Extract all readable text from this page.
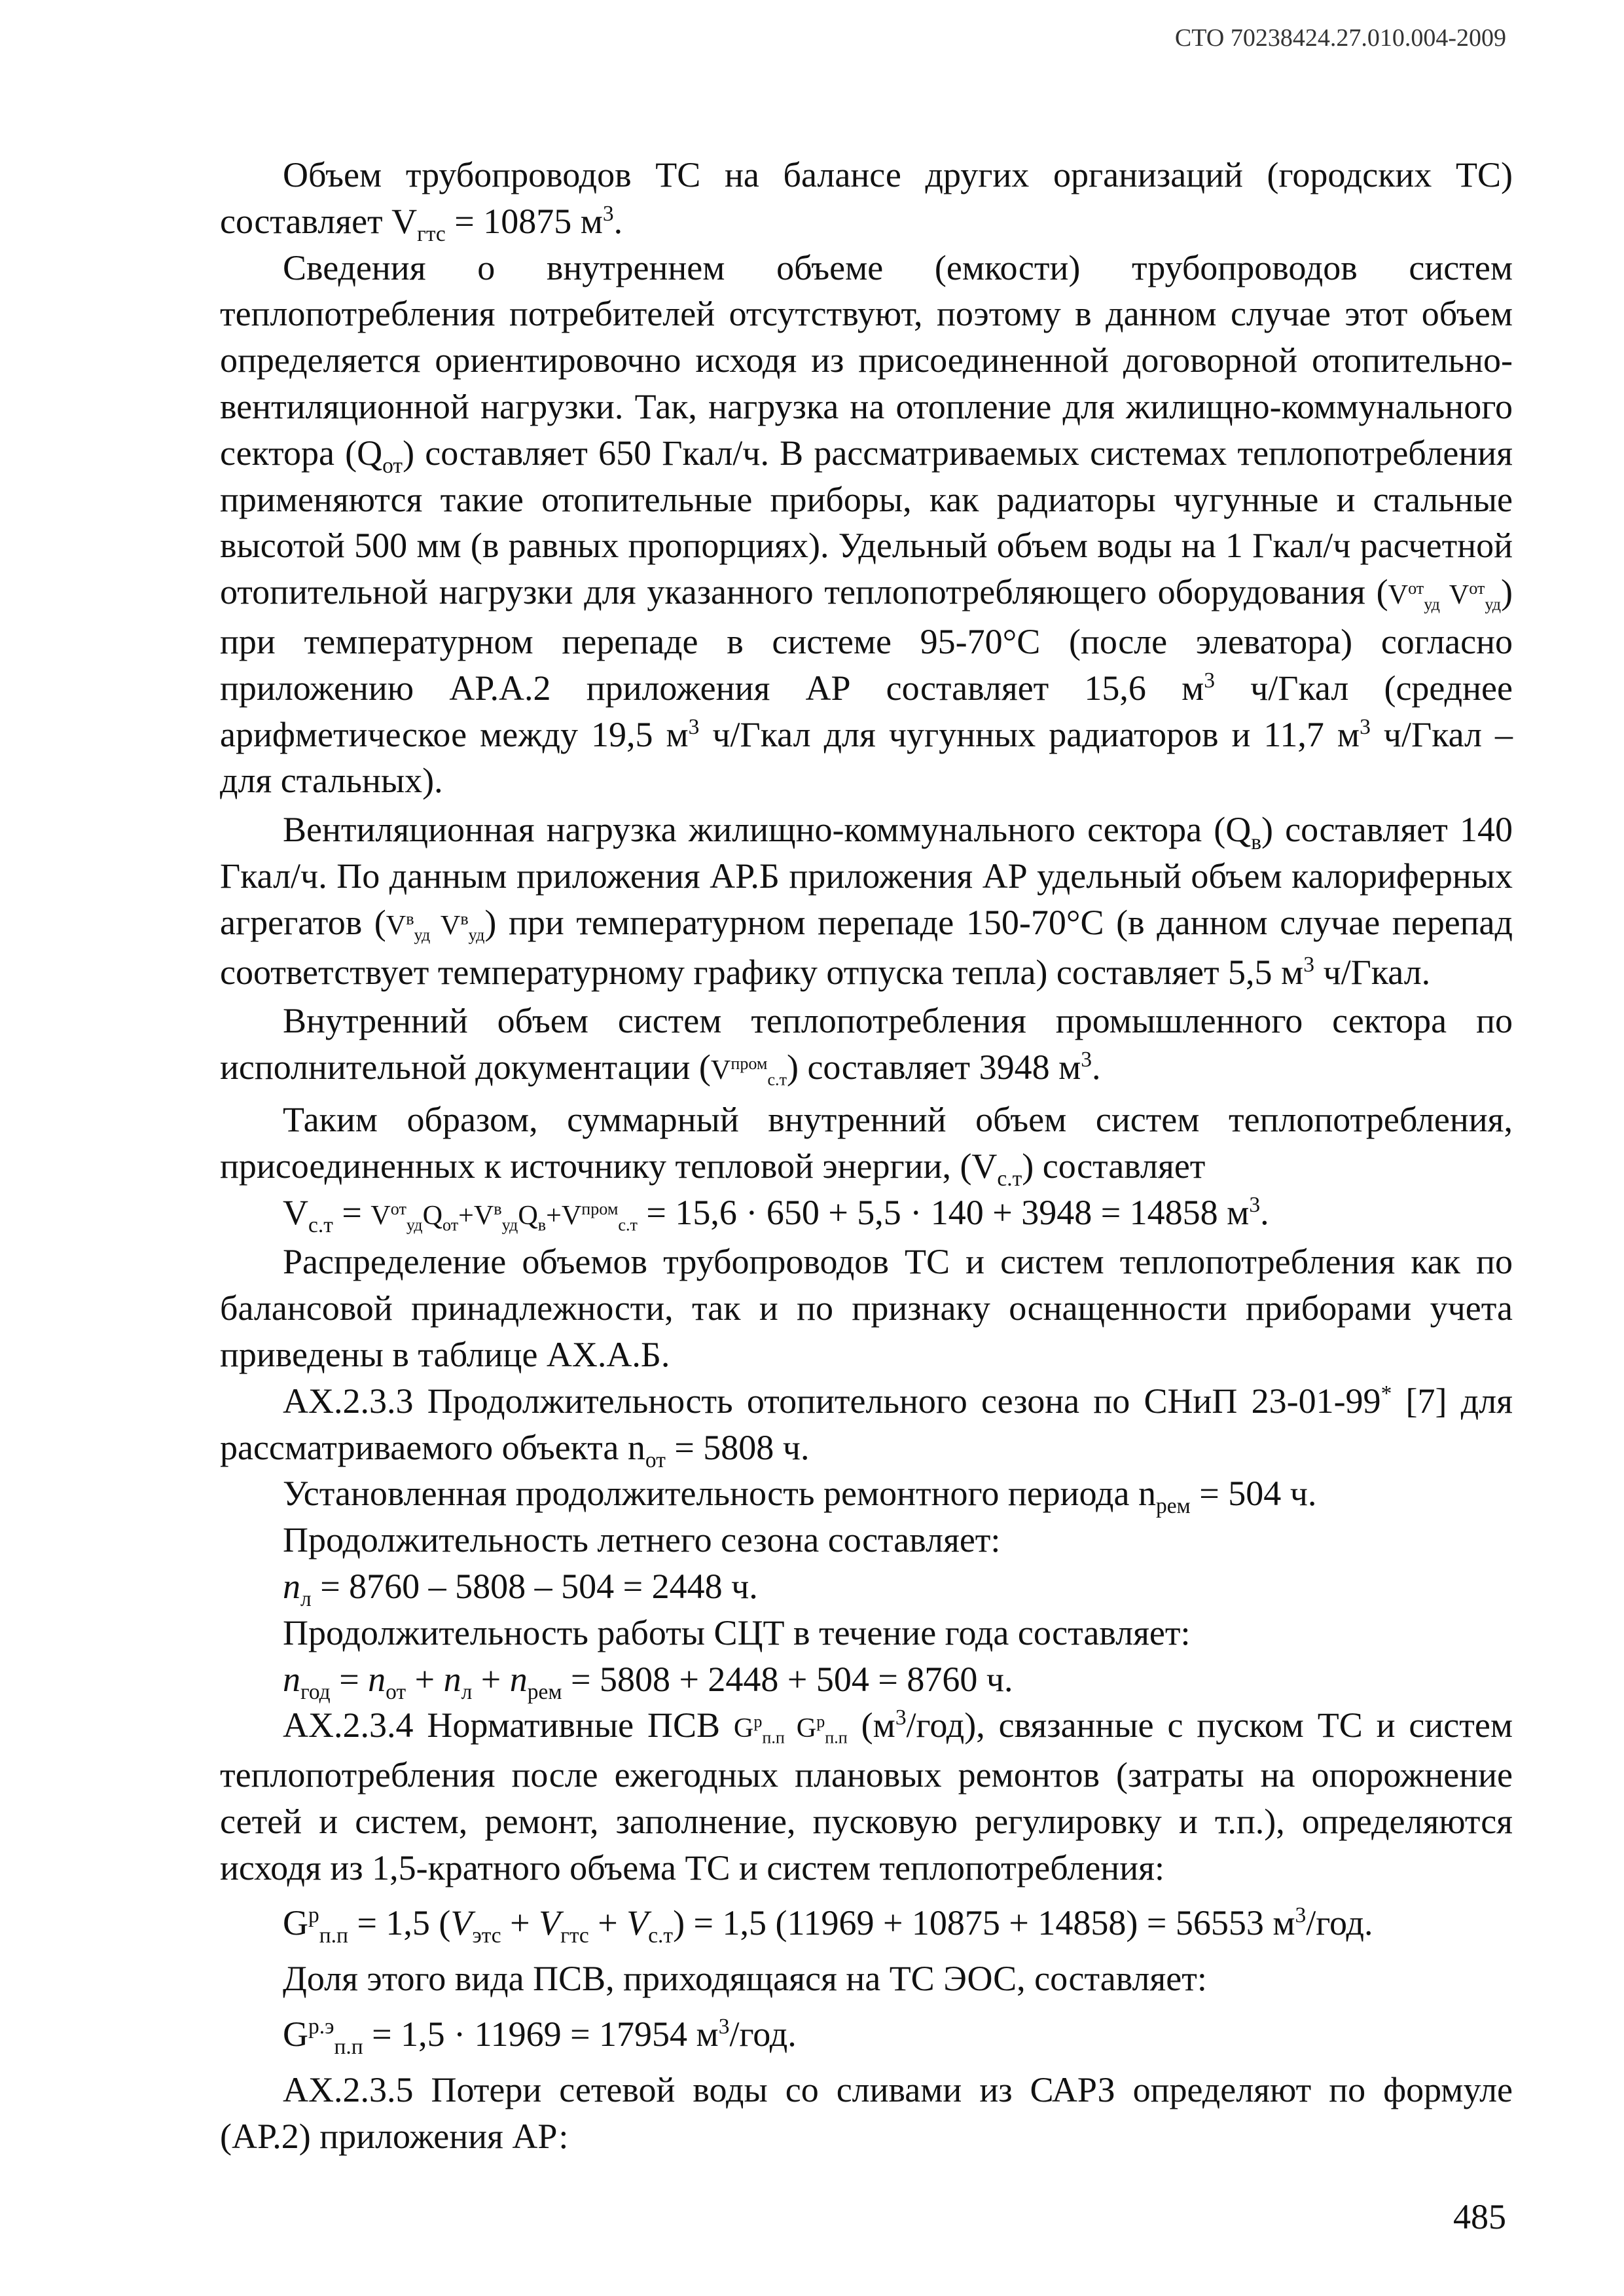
СТО 70238424.27.010.004-2009

Объем трубопроводов ТС на балансе других организаций (городских ТС) составляет $V_{гтс} = 10875$ $м^3$.

Сведения о внутреннем объеме (емкости) трубопроводов систем теплопотребления потребителей отсутствуют, поэтому в данном случае этот объем определяется ориентировочно исходя из присоединенной договорной отопительно-вентиляционной нагрузки. Так, нагрузка на отопление для жилищно-коммунального сектора $(Q_{от})$ составляет 650 Гкал/ч. В рассматриваемых системах теплопотребления применяются такие отопительные приборы, как радиаторы чугунные и стальные высотой 500 мм (в равных пропорциях). Удельный объем воды на 1 Гкал/ч расчетной отопительной нагрузки для указанного теплопотребляющего оборудования ($V^{от}_{уд}$ $V^{от}_{уд}$) при температурном перепаде в системе 95-70°С (после элеватора) согласно приложению АР.А.2 приложения АР составляет 15,6 $м^3$ ч/Гкал (среднее арифметическое между 19,5 $м^3$ ч/Гкал для чугунных радиаторов и 11,7 $м^3$ ч/Гкал – для стальных).

Вентиляционная нагрузка жилищно-коммунального сектора $(Q_в)$ составляет 140 Гкал/ч. По данным приложения АР.Б приложения АР удельный объем калориферных агрегатов ($V^в_{уд}$ $V^в_{уд}$) при температурном перепаде 150-70°С (в данном случае перепад соответствует температурному графику отпуска тепла) составляет 5,5 $м^3$ ч/Гкал.

Внутренний объем систем теплопотребления промышленного сектора по исполнительной документации $(V^{пром}_{с.т})$ составляет 3948 $м^3$.

Таким образом, суммарный внутренний объем систем теплопотребления, присоединенных к источнику тепловой энергии, $(V_{с.т})$ составляет

$V_{с.т} = V^{от}_{уд}Q_{от}+V^в_{уд}Q_в+V^{пром}_{с.т} = 15,6 \cdot 650 + 5,5 \cdot 140 + 3948 = 14858$ $м^3$.

Распределение объемов трубопроводов ТС и систем теплопотребления как по балансовой принадлежности, так и по признаку оснащенности приборами учета приведены в таблице АХ.А.Б.

АХ.2.3.3 Продолжительность отопительного сезона по СНиП 23-01-99* [7] для рассматриваемого объекта $n_{от} = 5808$ ч.

Установленная продолжительность ремонтного периода $n_{рем} = 504$ ч.

Продолжительность летнего сезона составляет:

$n_л = 8760 - 5808 - 504 = 2448$ ч.

Продолжительность работы СЦТ в течение года составляет:

$n_{год} = n_{от} + n_л + n_{рем} = 5808 + 2448 + 504 = 8760$ ч.

АХ.2.3.4 Нормативные ПСВ $G^р_{п.п}$ $G^р_{п.п}$ $(м^3/год)$, связанные с пуском ТС и систем теплопотребления после ежегодных плановых ремонтов (затраты на опорожнение сетей и систем, ремонт, заполнение, пусковую регулировку и т.п.), определяются исходя из 1,5-кратного объема ТС и систем теплопотребления:

$G^р_{п.п} = 1,5$ $(V_{этс} + V_{гтс} + V_{с.т}) = 1,5$ (11969 + 10875 + 14858) = 56553 $м^3$/год.

Доля этого вида ПСВ, приходящаяся на ТС ЭОС, составляет:

$G^{р.э}_{п.п} = 1,5 \cdot 11969 = 17954$ $м^3$/год.

АХ.2.3.5 Потери сетевой воды со сливами из САРЗ определяют по формуле (АР.2) приложения АР:

485
